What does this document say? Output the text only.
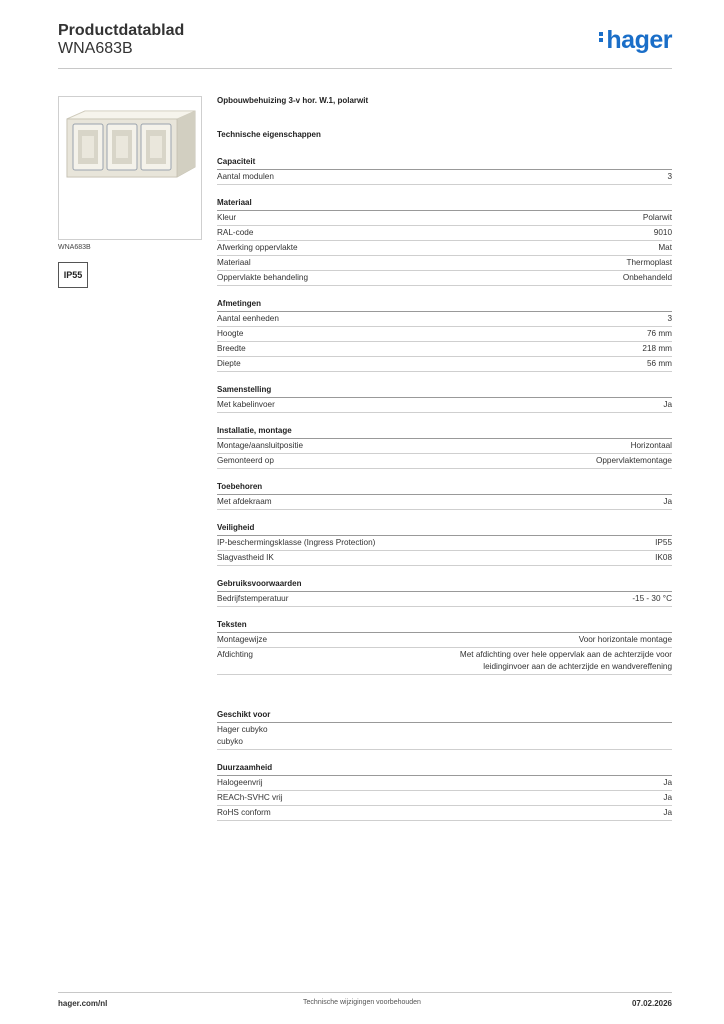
Productdatablad
WNA683B	hager
WNA683B
IP55
Opbouwbehuizing 3-v hor. W.1, polarwit
Technische eigenschappen
Capaciteit
Aantal modulen	3
Materiaal
Kleur	Polarwit
RAL-code	9010
Afwerking oppervlakte	Mat
Materiaal	Thermoplast
Oppervlakte behandeling	Onbehandeld
Afmetingen
Aantal eenheden	3
Hoogte	76 mm
Breedte	218 mm
Diepte	56 mm
Samenstelling
Met kabelinvoer	Ja
Installatie, montage
Montage/aansluitpositie	Horizontaal
Gemonteerd op	Oppervlaktemontage
Toebehoren
Met afdekraam	Ja
Veiligheid
IP-beschermingsklasse (Ingress Protection)	IP55
Slagvastheid IK	IK08
Gebruiksvoorwaarden
Bedrijfstemperatuur	-15 - 30 °C
Teksten
Montagewijze	Voor horizontale montage
Afdichting	Met afdichting over hele oppervlak aan de achterzijde voor leidinginvoer aan de achterzijde en wandvereffening
Geschikt voor
Hager cubyko
cubyko
Duurzaamheid
Halogeenvrij	Ja
REACh-SVHC vrij	Ja
RoHS conform	Ja
hager.com/nl	Technische wijzigingen voorbehouden	07.02.2026
